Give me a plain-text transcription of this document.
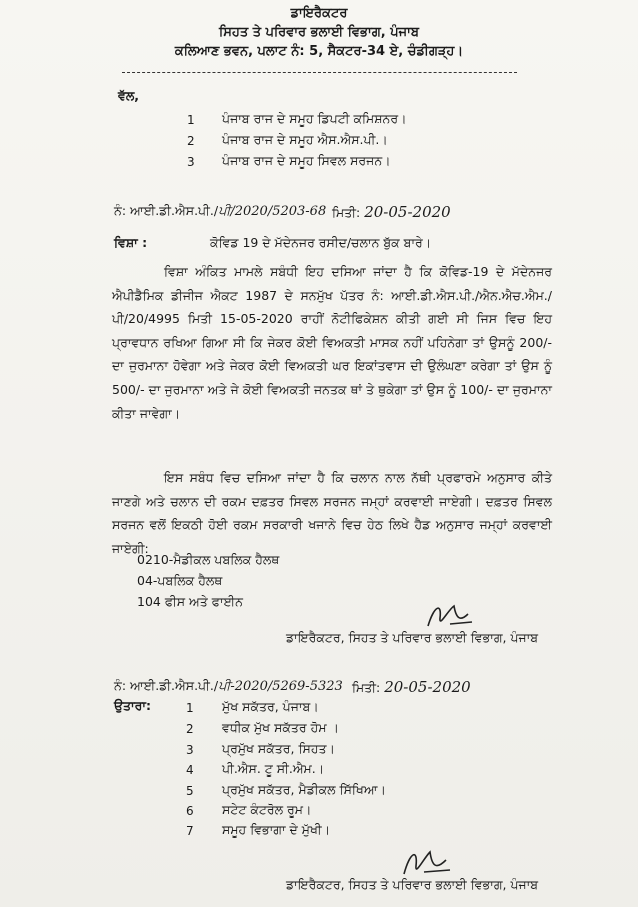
ਡਾਇਰੈਕਟਰ
ਸਿਹਤ ਤੇ ਪਰਿਵਾਰ ਭਲਾਈ ਵਿਭਾਗ, ਪੰਜਾਬ
ਕਲਿਆਣ ਭਵਨ, ਪਲਾਟ ਨੰ: 5, ਸੈਕਟਰ-34 ਏ, ਚੰਡੀਗੜ੍ਹ।
ਵੱਲ,
1 ਪੰਜਾਬ ਰਾਜ ਦੇ ਸਮੂਹ ਡਿਪਟੀ ਕਮਿਸ਼ਨਰ।
2 ਪੰਜਾਬ ਰਾਜ ਦੇ ਸਮੂਹ ਐਸ.ਐਸ.ਪੀ.।
3 ਪੰਜਾਬ ਰਾਜ ਦੇ ਸਮੂਹ ਸਿਵਲ ਸਰਜਨ।
ਨੰ: ਆਈ.ਡੀ.ਐਸ.ਪੀ./ਪੀ/2020/5203-68 ਮਿਤੀ: 20-05-2020
ਵਿਸ਼ਾ :	ਕੋਵਿਡ 19 ਦੇ ਮੱਦੇਨਜਰ ਰਸੀਦ/ਚਲਾਨ ਬੁੱਕ ਬਾਰੇ।
ਵਿਸ਼ਾ ਅੰਕਿਤ ਮਾਮਲੇ ਸਬੰਧੀ ਇਹ ਦਸਿਆ ਜਾਂਦਾ ਹੈ ਕਿ ਕੋਵਿਡ-19 ਦੇ ਮੱਦੇਨਜਰ ਐਪੀਡੈਮਿਕ ਡੀਜੀਜ ਐਕਟ 1987 ਦੇ ਸਨਮੁੱਖ ਪੱਤਰ ਨੰ: ਆਈ.ਡੀ.ਐਸ.ਪੀ./ਐਨ.ਐਚ.ਐਮ./ਪੀ/20/4995 ਮਿਤੀ 15-05-2020 ਰਾਹੀਂ ਨੋਟੀਫਿਕੇਸ਼ਨ ਕੀਤੀ ਗਈ ਸੀ ਜਿਸ ਵਿਚ ਇਹ ਪ੍ਰਾਵਧਾਨ ਰਖਿਆ ਗਿਆ ਸੀ ਕਿ ਜੇਕਰ ਕੋਈ ਵਿਅਕਤੀ ਮਾਸਕ ਨਹੀਂ ਪਹਿਨੇਗਾ ਤਾਂ ਉਸਨੂੰ 200/- ਦਾ ਜੁਰਮਾਨਾ ਹੋਵੇਗਾ ਅਤੇ ਜੇਕਰ ਕੋਈ ਵਿਅਕਤੀ ਘਰ ਇਕਾਂਤਵਾਸ ਦੀ ਉਲੰਘਣਾ ਕਰੇਗਾ ਤਾਂ ਉਸ ਨੂੰ 500/- ਦਾ ਜੁਰਮਾਨਾ ਅਤੇ ਜੇ ਕੋਈ ਵਿਅਕਤੀ ਜਨਤਕ ਥਾਂ ਤੇ ਥੁਕੇਗਾ ਤਾਂ ਉਸ ਨੂੰ 100/- ਦਾ ਜੁਰਮਾਨਾ ਕੀਤਾ ਜਾਵੇਗਾ।
ਇਸ ਸਬੰਧ ਵਿਚ ਦਸਿਆ ਜਾਂਦਾ ਹੈ ਕਿ ਚਲਾਨ ਨਾਲ ਨੱਥੀ ਪ੍ਰਫਾਰਮੇ ਅਨੁਸਾਰ ਕੀਤੇ ਜਾਣਗੇ ਅਤੇ ਚਲਾਨ ਦੀ ਰਕਮ ਦਫ਼ਤਰ ਸਿਵਲ ਸਰਜਨ ਜਮ੍ਹਾਂ ਕਰਵਾਈ ਜਾਏਗੀ। ਦਫ਼ਤਰ ਸਿਵਲ ਸਰਜਨ ਵਲੋਂ ਇਕਠੀ ਹੋਈ ਰਕਮ ਸਰਕਾਰੀ ਖਜਾਨੇ ਵਿਚ ਹੇਠ ਲਿਖੇ ਹੈਡ ਅਨੁਸਾਰ ਜਮ੍ਹਾਂ ਕਰਵਾਈ ਜਾਏਗੀ:
0210-ਮੈਡੀਕਲ ਪਬਲਿਕ ਹੈਲਥ
04-ਪਬਲਿਕ ਹੈਲਥ
104 ਫੀਸ ਅਤੇ ਫਾਈਨ
ਡਾਇਰੈਕਟਰ, ਸਿਹਤ ਤੇ ਪਰਿਵਾਰ ਭਲਾਈ ਵਿਭਾਗ, ਪੰਜਾਬ
ਨੰ: ਆਈ.ਡੀ.ਐਸ.ਪੀ./ਪੀ-2020/5269-5323 ਮਿਤੀ: 20-05-2020
ਉਤਾਰਾ:	1 ਮੁੱਖ ਸਕੱਤਰ, ਪੰਜਾਬ।
2 ਵਧੀਕ ਮੁੱਖ ਸਕੱਤਰ ਹੋਮ ।
3 ਪ੍ਰਮੁੱਖ ਸਕੱਤਰ, ਸਿਹਤ।
4 ਪੀ.ਐਸ. ਟੂ ਸੀ.ਐਮ.।
5 ਪ੍ਰਮੁੱਖ ਸਕੱਤਰ, ਮੈਡੀਕਲ ਸਿੱਖਿਆ।
6 ਸਟੇਟ ਕੰਟਰੋਲ ਰੂਮ।
7 ਸਮੂਹ ਵਿਭਾਗਾ ਦੇ ਮੁੱਖੀ।
ਡਾਇਰੈਕਟਰ, ਸਿਹਤ ਤੇ ਪਰਿਵਾਰ ਭਲਾਈ ਵਿਭਾਗ, ਪੰਜਾਬ
